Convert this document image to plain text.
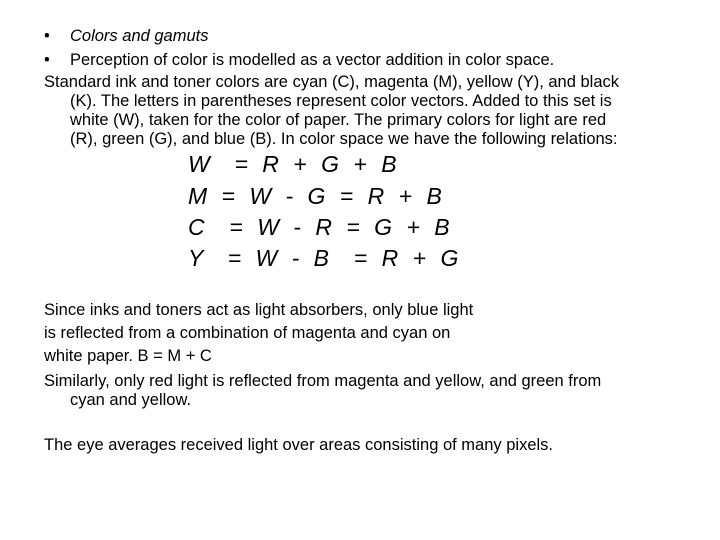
• Colors and gamuts
• Perception of color is modelled as a vector addition in color space.
Standard ink and toner colors are cyan (C), magenta (M), yellow (Y), and black
(K). The letters in parentheses represent color vectors. Added to this set is
white (W), taken for the color of paper. The primary colors for light are red
(R), green (G), and blue (B). In color space we have the following relations:
W  = R + G + B
M = W - G = R + B
C  = W - R = G + B
Y  = W - B  = R + G
Since inks and toners act as light absorbers, only blue light
is reflected from a combination of magenta and cyan on
white paper. B = M + C
Similarly, only red light is reflected from magenta and yellow, and green from
cyan and yellow.
The eye averages received light over areas consisting of many pixels.
